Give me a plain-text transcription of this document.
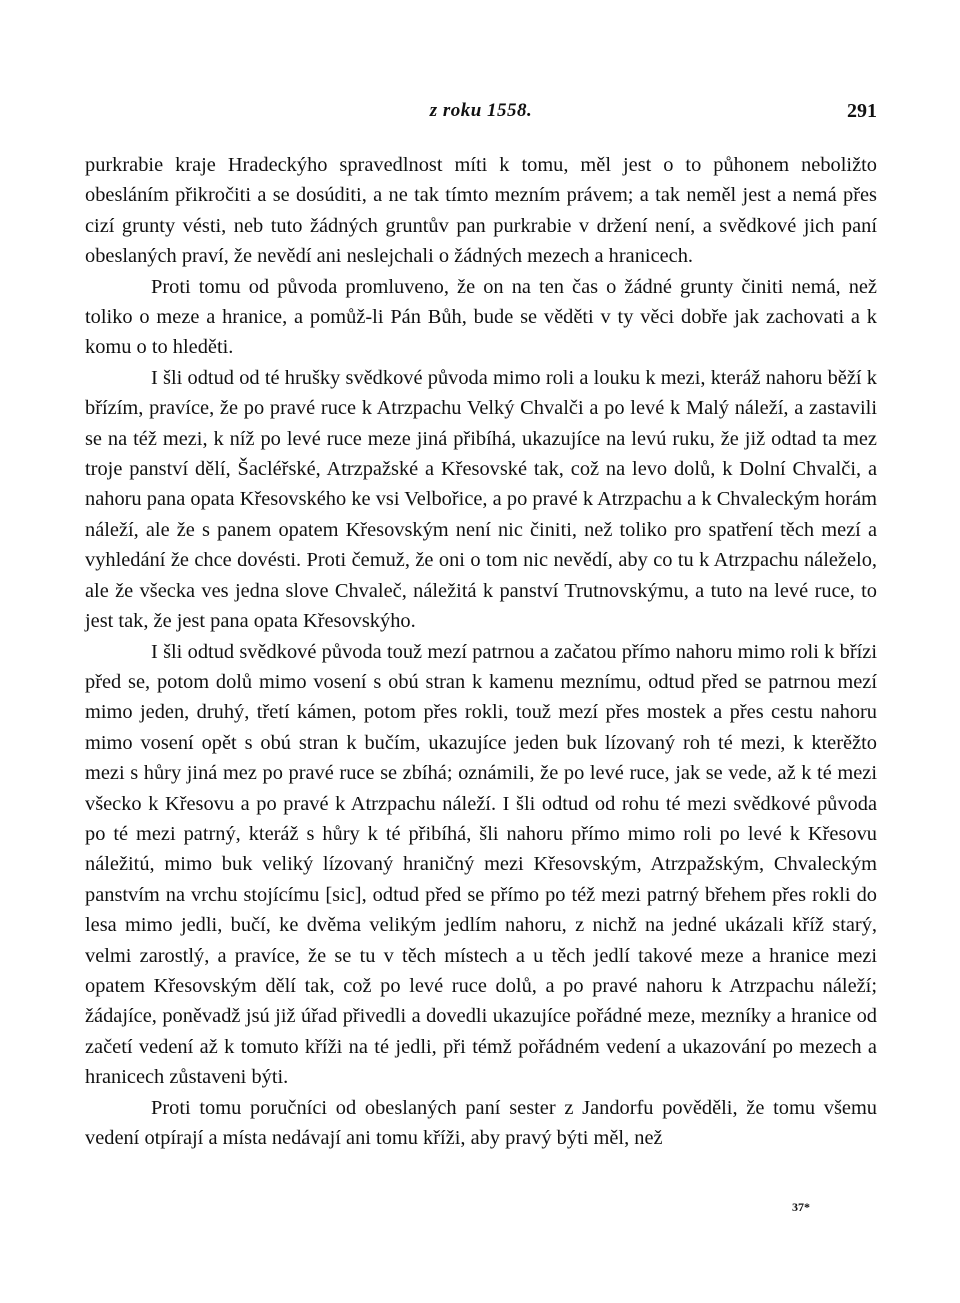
z roku 1558.	291

purkrabie kraje Hradeckýho spravedlnost míti k tomu, měl jest o to půhonem neboližto obesláním přikročiti a se dosúditi, a ne tak tímto mezním právem; a tak neměl jest a nemá přes cizí grunty vésti, neb tuto žádných gruntův pan purkrabie v držení není, a svědkové jich paní obeslaných praví, že nevědí ani neslejchali o žádných mezech a hranicech.

Proti tomu od původa promluveno, že on na ten čas o žádné grunty činiti nemá, než toliko o meze a hranice, a pomůž-li Pán Bůh, bude se věděti v ty věci dobře jak zachovati a k komu o to hleděti.

I šli odtud od té hrušky svědkové původa mimo roli a louku k mezi, kteráž nahoru běží k břízím, pravíce, že po pravé ruce k Atrzpachu Velký Chvalči a po levé k Malý náleží, a zastavili se na též mezi, k níž po levé ruce meze jiná přibíhá, ukazujíce na levú ruku, že již odtad ta mez troje panství dělí, Šacléřské, Atrzpažské a Křesovské tak, což na levo dolů, k Dolní Chvalči, a nahoru pana opata Křesovského ke vsi Velbořice, a po pravé k Atrzpachu a k Chvaleckým horám náleží, ale že s panem opatem Křesovským není nic činiti, než toliko pro spatření těch mezí a vyhledání že chce dovésti. Proti čemuž, že oni o tom nic nevědí, aby co tu k Atrzpachu náleželo, ale že všecka ves jedna slove Chvaleč, náležitá k panství Trutnovskýmu, a tuto na levé ruce, to jest tak, že jest pana opata Křesovskýho.

I šli odtud svědkové původa touž mezí patrnou a začatou přímo nahoru mimo roli k břízi před se, potom dolů mimo vosení s obú stran k kamenu meznímu, odtud před se patrnou mezí mimo jeden, druhý, třetí kámen, potom přes rokli, touž mezí přes mostek a přes cestu nahoru mimo vosení opět s obú stran k bučím, ukazujíce jeden buk lízovaný roh té mezi, k kterěžto mezi s hůry jiná mez po pravé ruce se zbíhá; oznámili, že po levé ruce, jak se vede, až k té mezi všecko k Křesovu a po pravé k Atrzpachu náleží. I šli odtud od rohu té mezi svědkové původa po té mezi patrný, kteráž s hůry k té přibíhá, šli nahoru přímo mimo roli po levé k Křesovu náležitú, mimo buk veliký lízovaný hraničný mezi Křesovským, Atrzpažským, Chvaleckým panstvím na vrchu stojícímu [sic], odtud před se přímo po též mezi patrný břehem přes rokli do lesa mimo jedli, bučí, ke dvěma velikým jedlím nahoru, z nichž na jedné ukázali kříž starý, velmi zarostlý, a pravíce, že se tu v těch místech a u těch jedlí takové meze a hranice mezi opatem Křesovským dělí tak, což po levé ruce dolů, a po pravé nahoru k Atrzpachu náleží; žádajíce, poněvadž jsú již úřad přivedli a dovedli ukazujíce pořádné meze, mezníky a hranice od začetí vedení až k tomuto kříži na té jedli, při témž pořádném vedení a ukazování po mezech a hranicech zůstaveni býti.

Proti tomu poručníci od obeslaných paní sester z Jandorfu pověděli, že tomu všemu vedení otpírají a místa nedávají ani tomu kříži, aby pravý býti měl, než

37*
